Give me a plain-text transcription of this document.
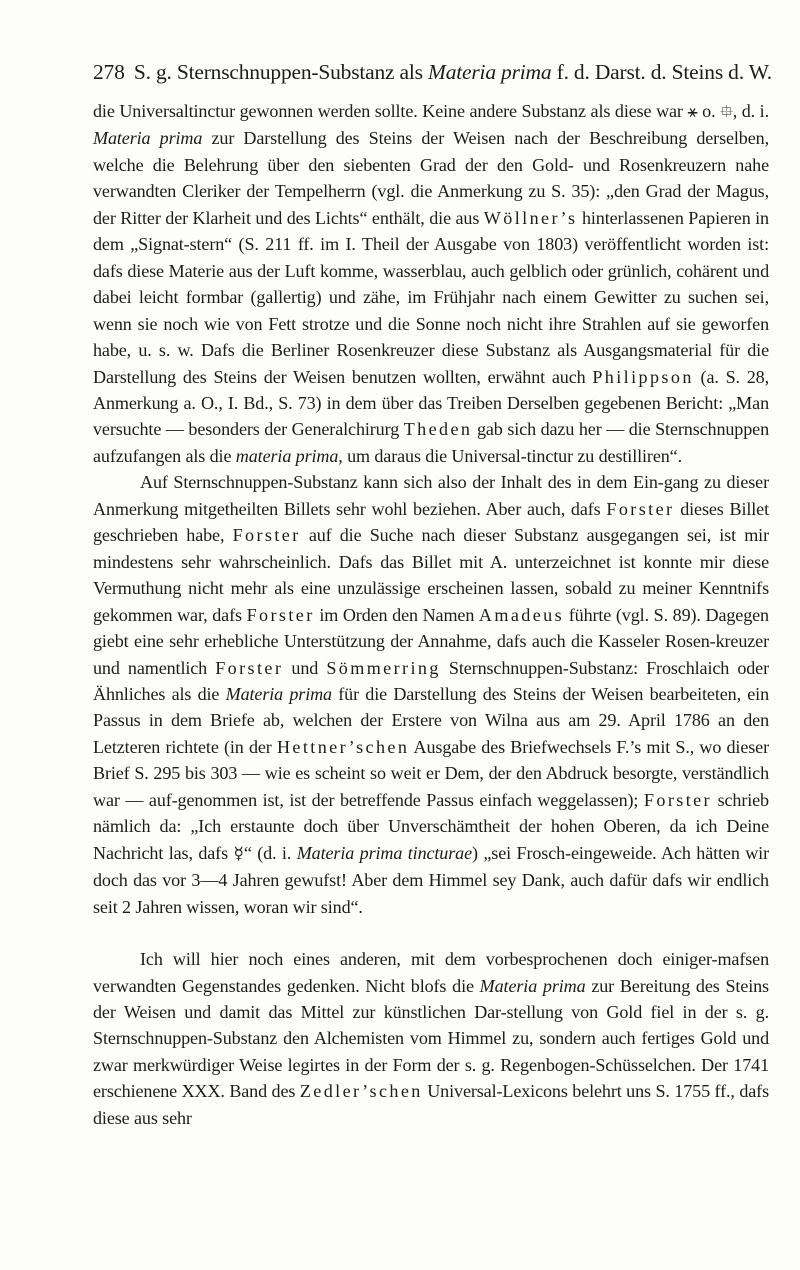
278 S. g. Sternschnuppen-Substanz als Materia prima f. d. Darst. d. Steins d. W.

die Universaltinctur gewonnen werden sollte. Keine andere Substanz als diese war ⚹ o. ⯐, d. i. Materia prima zur Darstellung des Steins der Weisen nach der Beschreibung derselben, welche die Belehrung über den siebenten Grad der den Gold- und Rosenkreuzern nahe verwandten Cleriker der Tempelherrn (vgl. die Anmerkung zu S. 35): „den Grad der Magus, der Ritter der Klarheit und des Lichts“ enthält, die aus Wöllner’s hinterlassenen Papieren in dem „Signat-stern“ (S. 211 ff. im I. Theil der Ausgabe von 1803) veröffentlicht worden ist: dafs diese Materie aus der Luft komme, wasserblau, auch gelblich oder grünlich, cohärent und dabei leicht formbar (gallertig) und zähe, im Frühjahr nach einem Gewitter zu suchen sei, wenn sie noch wie von Fett strotze und die Sonne noch nicht ihre Strahlen auf sie geworfen habe, u. s. w. Dafs die Berliner Rosenkreuzer diese Substanz als Ausgangsmaterial für die Darstellung des Steins der Weisen benutzen wollten, erwähnt auch Philippson (a. S. 28, Anmerkung a. O., I. Bd., S. 73) in dem über das Treiben Derselben gegebenen Bericht: „Man versuchte — besonders der Generalchirurg Theden gab sich dazu her — die Sternschnuppen aufzufangen als die materia prima, um daraus die Universal-tinctur zu destilliren“.

Auf Sternschnuppen-Substanz kann sich also der Inhalt des in dem Ein-gang zu dieser Anmerkung mitgetheilten Billets sehr wohl beziehen. Aber auch, dafs Forster dieses Billet geschrieben habe, Forster auf die Suche nach dieser Substanz ausgegangen sei, ist mir mindestens sehr wahrscheinlich. Dafs das Billet mit A. unterzeichnet ist konnte mir diese Vermuthung nicht mehr als eine unzulässige erscheinen lassen, sobald zu meiner Kenntnifs gekommen war, dafs Forster im Orden den Namen Amadeus führte (vgl. S. 89). Dagegen giebt eine sehr erhebliche Unterstützung der Annahme, dafs auch die Kasseler Rosen-kreuzer und namentlich Forster und Sömmerring Sternschnuppen-Substanz: Froschlaich oder Ähnliches als die Materia prima für die Darstellung des Steins der Weisen bearbeiteten, ein Passus in dem Briefe ab, welchen der Erstere von Wilna aus am 29. April 1786 an den Letzteren richtete (in der Hettner’schen Ausgabe des Briefwechsels F.’s mit S., wo dieser Brief S. 295 bis 303 — wie es scheint so weit er Dem, der den Abdruck besorgte, verständlich war — auf-genommen ist, ist der betreffende Passus einfach weggelassen); Forster schrieb nämlich da: „Ich erstaunte doch über Unverschämtheit der hohen Oberen, da ich Deine Nachricht las, dafs ☿“ (d. i. Materia prima tincturae) „sei Frosch-eingeweide. Ach hätten wir doch das vor 3—4 Jahren gewufst! Aber dem Himmel sey Dank, auch dafür dafs wir endlich seit 2 Jahren wissen, woran wir sind“.

Ich will hier noch eines anderen, mit dem vorbesprochenen doch einiger-mafsen verwandten Gegenstandes gedenken. Nicht blofs die Materia prima zur Bereitung des Steins der Weisen und damit das Mittel zur künstlichen Dar-stellung von Gold fiel in der s. g. Sternschnuppen-Substanz den Alchemisten vom Himmel zu, sondern auch fertiges Gold und zwar merkwürdiger Weise legirtes in der Form der s. g. Regenbogen-Schüsselchen. Der 1741 erschienene XXX. Band des Zedler’schen Universal-Lexicons belehrt uns S. 1755 ff., dafs diese aus sehr
